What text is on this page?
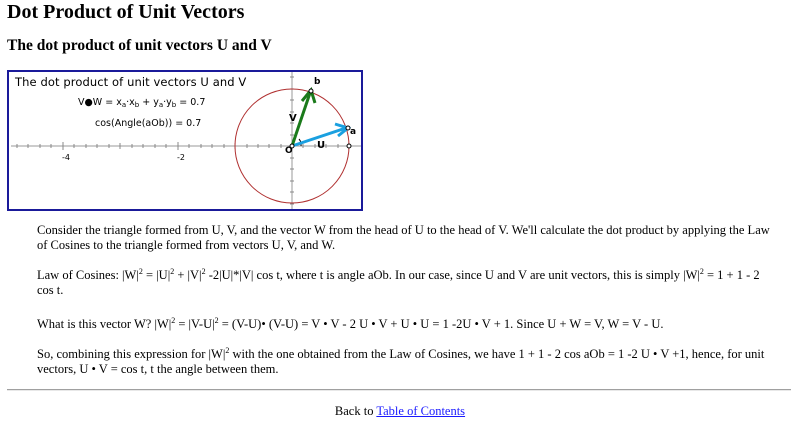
Dot Product of Unit Vectors
The dot product of unit vectors U and V
-4	-2
O U
V
a
b
The dot product of unit vectors U and V
V●W = $x_a\cdot x_b + y_a\cdot y_b = 0.7$
cos(Angle(aOb)) = 0.7

Consider the triangle formed from U, V, and the vector W from the head of U to the head of V. We'll calculate the dot product by applying the Law of Cosines to the triangle formed from vectors U, V, and W.

Law of Cosines: $|W|^2 = |U|^2 + |V|^2$ -2|U|*|V| cos t, where t is angle aOb. In our case, since U and V are unit vectors, this is simply $|W|^2 = 1 + 1 - 2$ cos t.

What is this vector W? $|W|^2 = |V-U|^2$ = (V-U)• (V-U) = V • V - 2 U • V + U • U = 1 -2U • V + 1. Since U + W = V, W = V - U.

So, combining this expression for $|W|^2$ with the one obtained from the Law of Cosines, we have 1 + 1 - 2 cos aOb = 1 -2 U • V +1, hence, for unit vectors, U • V = cos t, t the angle between them.

Back to Table of Contents
